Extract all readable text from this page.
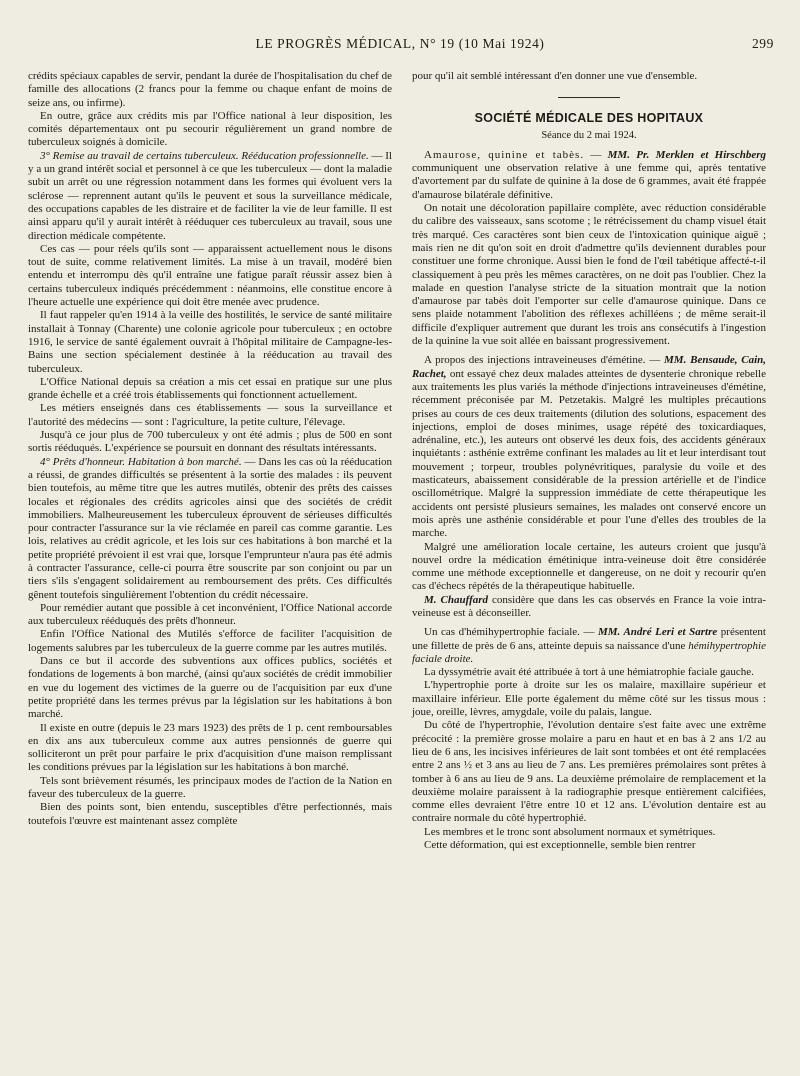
LE PROGRÈS MÉDICAL, N° 19 (10 Mai 1924)	299

crédits spéciaux capables de servir, pendant la durée de l'hospitalisation du chef de famille des allocations (2 francs pour la femme ou chaque enfant de moins de seize ans, ou infirme).

En outre, grâce aux crédits mis par l'Office national à leur disposition, les comités départementaux ont pu secourir régulièrement un grand nombre de tuberculeux soignés à domicile.

3° Remise au travail de certains tuberculeux. Rééducation professionnelle. — Il y a un grand intérêt social et personnel à ce que les tuberculeux — dont la maladie subit un arrêt ou une régression notamment dans les formes qui évoluent vers la sclérose — reprennent autant qu'ils le peuvent et sous la surveillance médicale, des occupations capables de les distraire et de faciliter la vie de leur famille. Il est ainsi apparu qu'il y aurait intérêt à rééduquer ces tuberculeux au travail, sous une direction médicale compétente.

Ces cas — pour réels qu'ils sont — apparaissent actuellement nous le disons tout de suite, comme relativement limités. La mise à un travail, modéré bien entendu et interrompu dès qu'il entraîne une fatigue paraît réussir assez bien à certains tuberculeux indiqués précédemment : néanmoins, elle constitue encore à l'heure actuelle une expérience qui doit être menée avec prudence.

Il faut rappeler qu'en 1914 à la veille des hostilités, le service de santé militaire installait à Tonnay (Charente) une colonie agricole pour tuberculeux ; en octobre 1916, le service de santé également ouvrait à l'hôpital militaire de Campagne-les-Bains une section spécialement destinée à la rééducation au travail des tuberculeux.

L'Office National depuis sa création a mis cet essai en pratique sur une plus grande échelle et a créé trois établissements qui fonctionnent actuellement.

Les métiers enseignés dans ces établissements — sous la surveillance et l'autorité des médecins — sont : l'agriculture, la petite culture, l'élevage.

Jusqu'à ce jour plus de 700 tuberculeux y ont été admis ; plus de 500 en sont sortis rééduqués. L'expérience se poursuit en donnant des résultats intéressants.

4° Prêts d'honneur. Habitation à bon marché. — Dans les cas où la rééducation a réussi, de grandes difficultés se présentent à la sortie des malades : ils peuvent bien toutefois, au même titre que les autres mutilés, obtenir des prêts des caisses locales et régionales des crédits agricoles ainsi que des sociétés de crédit immobiliers. Malheureusement les tuberculeux éprouvent de sérieuses difficultés pour contracter l'assurance sur la vie réclamée en pareil cas comme garantie. Les lois, relatives au crédit agricole, et les lois sur ces habitations à bon marché et la petite propriété prévoient il est vrai que, lorsque l'emprunteur n'aura pas été admis à contracter l'assurance, celle-ci pourra être souscrite par son conjoint ou par un tiers s'ils s'engagent solidairement au remboursement des prêts. Ces difficultés gênent toutefois singulièrement l'obtention du crédit nécessaire.

Pour remédier autant que possible à cet inconvénient, l'Office National accorde aux tuberculeux rééduqués des prêts d'honneur.

Enfin l'Office National des Mutilés s'efforce de faciliter l'acquisition de logements salubres par les tuberculeux de la guerre comme par les autres mutilés.

Dans ce but il accorde des subventions aux offices publics, sociétés et fondations de logements à bon marché, (ainsi qu'aux sociétés de crédit immobilier en vue du logement des victimes de la guerre ou de l'acquisition par eux d'une petite propriété dans les termes prévus par la législation sur les habitations à bon marché.

Il existe en outre (depuis le 23 mars 1923) des prêts de 1 p. cent remboursables en dix ans aux tuberculeux comme aux autres pensionnés de guerre qui solliciteront un prêt pour parfaire le prix d'acquisition d'une maison remplissant les conditions prévues par la législation sur les habitations à bon marché.

Tels sont brièvement résumés, les principaux modes de l'action de la Nation en faveur des tuberculeux de la guerre.

Bien des points sont, bien entendu, susceptibles d'être perfectionnés, mais toutefois l'œuvre est maintenant assez complète

pour qu'il ait semblé intéressant d'en donner une vue d'ensemble.

SOCIÉTÉ MÉDICALE DES HOPITAUX
Séance du 2 mai 1924.

Amaurose, quinine et tabès. — MM. Pr. Merklen et Hirschberg communiquent une observation relative à une femme qui, après tentative d'avortement par du sulfate de quinine à la dose de 6 grammes, avait été frappée d'amaurose bilatérale définitive.

On notait une décoloration papillaire complète, avec réduction considérable du calibre des vaisseaux, sans scotome ; le rétrécissement du champ visuel était très marqué. Ces caractères sont bien ceux de l'intoxication quinique aiguë ; mais rien ne dit qu'on soit en droit d'admettre qu'ils deviennent durables pour constituer une forme chronique. Aussi bien le fond de l'œil tabétique affecté-t-il classiquement à peu près les mêmes caractères, on ne doit pas l'oublier. Chez la malade en question l'analyse stricte de la situation montrait que la notion d'amaurose par tabès doit l'emporter sur celle d'amaurose quinique. Dans ce sens plaide notamment l'abolition des réflexes achilléens ; de même serait-il difficile d'expliquer autrement que durant les trois ans consécutifs à l'ingestion de la quinine la vue soit allée en baissant progressivement.

A propos des injections intraveineuses d'émétine. — MM. Bensaude, Cain, Rachet, ont essayé chez deux malades atteintes de dysenterie chronique rebelle aux traitements les plus variés la méthode d'injections intraveineuses d'émétine, récemment préconisée par M. Petzetakis. Malgré les multiples précautions prises au cours de ces deux traitements (dilution des solutions, espacement des injections, emploi de doses minimes, usage répété des toxicardiaques, adrénaline, etc.), les auteurs ont observé les deux fois, des accidents généraux inquiétants : asthénie extrême confinant les malades au lit et leur interdisant tout mouvement ; torpeur, troubles polynévritiques, paralysie du voile et des masticateurs, abaissement considérable de la pression artérielle et de l'indice oscillométrique. Malgré la suppression immédiate de cette thérapeutique les accidents ont persisté plusieurs semaines, les malades ont conservé encore un mois après une asthénie considérable et pour l'une d'elles des troubles de la marche.

Malgré une amélioration locale certaine, les auteurs croient que jusqu'à nouvel ordre la médication émétinique intra-veineuse doit être considérée comme une méthode exceptionnelle et dangereuse, on ne doit y recourir qu'en cas d'échecs répétés de la thérapeutique habituelle.

M. Chauffard considère que dans les cas observés en France la voie intra-veineuse est à déconseiller.

Un cas d'hémihypertrophie faciale. — MM. André Leri et Sartre présentent une fillette de près de 6 ans, atteinte depuis sa naissance d'une hémihypertrophie faciale droite.

La dyssymétrie avait été attribuée à tort à une hémiatrophie faciale gauche.

L'hypertrophie porte à droite sur les os malaire, maxillaire supérieur et maxillaire inférieur. Elle porte également du même côté sur les tissus mous : joue, oreille, lèvres, amygdale, voile du palais, langue.

Du côté de l'hypertrophie, l'évolution dentaire s'est faite avec une extrême précocité : la première grosse molaire a paru en haut et en bas à 2 ans 1/2 au lieu de 6 ans, les incisives inférieures de lait sont tombées et ont été remplacées entre 2 ans ½ et 3 ans au lieu de 7 ans. Les premières prémolaires sont prêtes à tomber à 6 ans au lieu de 9 ans. La deuxième prémolaire de remplacement et la deuxième molaire paraissent à la radiographie presque entièrement calcifiées, comme elles devraient l'être entre 10 et 12 ans. L'évolution dentaire est au contraire normale du côté hypertrophié.

Les membres et le tronc sont absolument normaux et symétriques.

Cette déformation, qui est exceptionnelle, semble bien rentrer
